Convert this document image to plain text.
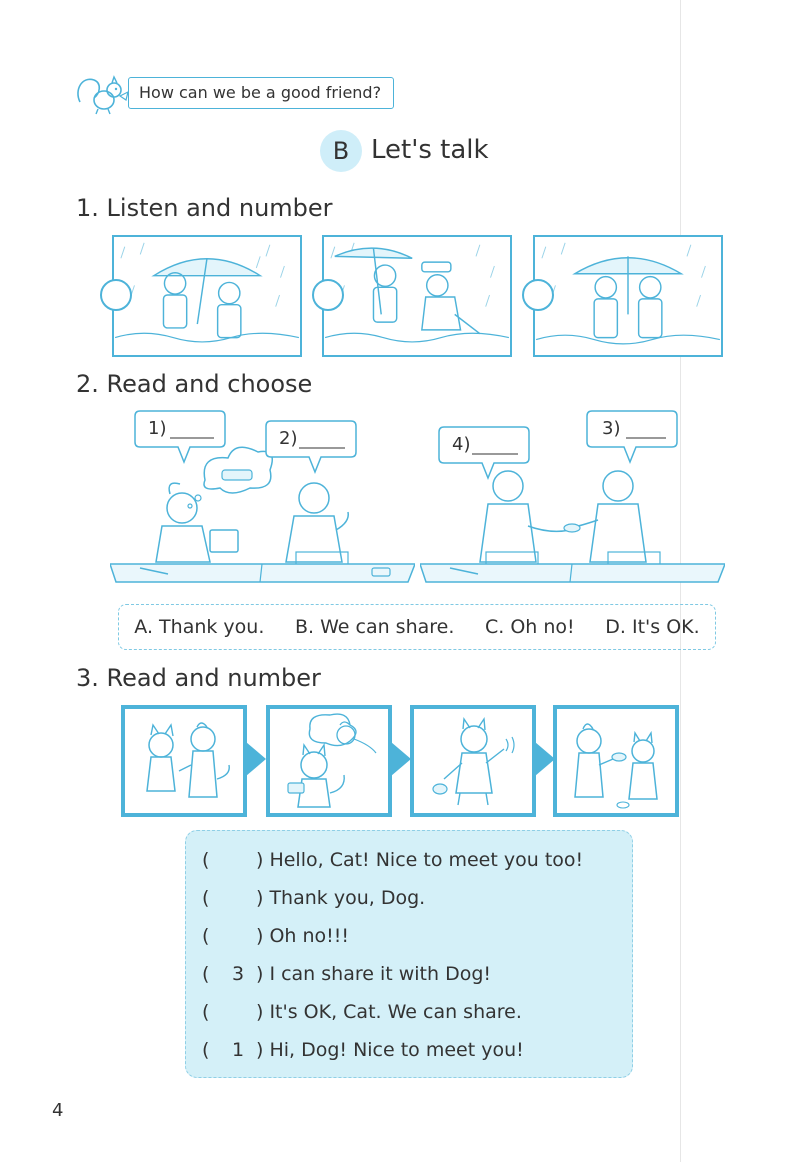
How can we be a good friend?
B Let's talk
1. Listen and number
2. Read and choose
1)	2)	4)
3)
A. Thank you. B. We can share. C. Oh no! D. It's OK.
3. Read and number
(	) Hello, Cat! Nice to meet you too!
(	) Thank you, Dog.
(	) Oh no!!!
(	3 ) I can share it with Dog!
(	) It's OK, Cat. We can share.
(	1 ) Hi, Dog! Nice to meet you!
4
